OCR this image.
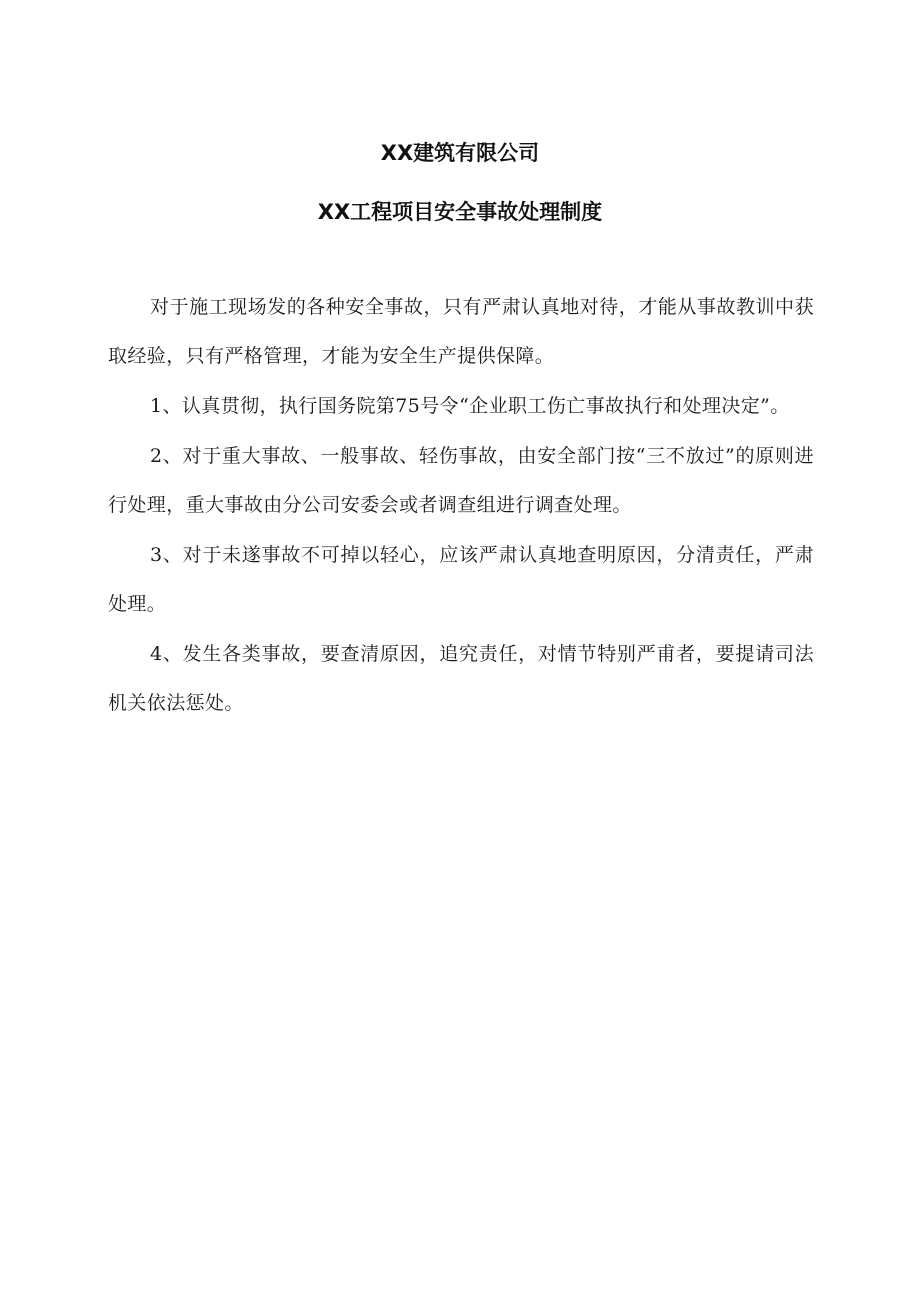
XX建筑有限公司
XX工程项目安全事故处理制度

对于施工现场发的各种安全事故，只有严肃认真地对待，才能从事故教训中获取经验，只有严格管理，才能为安全生产提供保障。

1、认真贯彻，执行国务院第75号令“企业职工伤亡事故执行和处理决定”。

2、对于重大事故、一般事故、轻伤事故，由安全部门按“三不放过”的原则进行处理，重大事故由分公司安委会或者调查组进行调查处理。

3、对于未遂事故不可掉以轻心，应该严肃认真地查明原因，分清责任，严肃处理。

4、发生各类事故，要查清原因，追究责任，对情节特别严甫者，要提请司法机关依法惩处。
